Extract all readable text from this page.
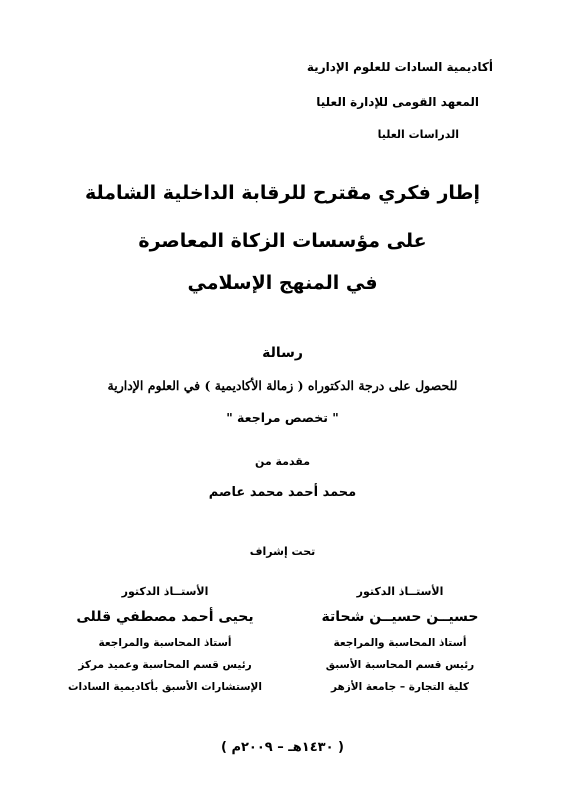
أكاديمية السادات للعلوم الإدارية
المعهد القومى للإدارة العليا
الدراسات العليا
إطار فكري مقترح للرقابة الداخلية الشاملة
على مؤسسات الزكاة المعاصرة
في المنهج الإسلامي
رسالة
للحصول على درجة الدكتوراه ( زمالة الأكاديمية ) في العلوم الإدارية
" تخصص مراجعة "
مقدمة من
محمد أحمد محمد عاصم
تحت إشراف
الأستــاذ الدكتور
حسيــن حسيــن شحاتة
أستاذ المحاسبة والمراجعة
رئيس قسم المحاسبة الأسبق
كلية التجارة – جامعة الأزهر
الأستــاذ الدكتور
يحيى أحمد مصطفي قللى
أستاذ المحاسبة والمراجعة
رئيس قسم المحاسبة وعميد مركز
الإستشارات الأسبق بأكاديمية السادات
( ١٤٣٠هـ – ٢٠٠٩م )
